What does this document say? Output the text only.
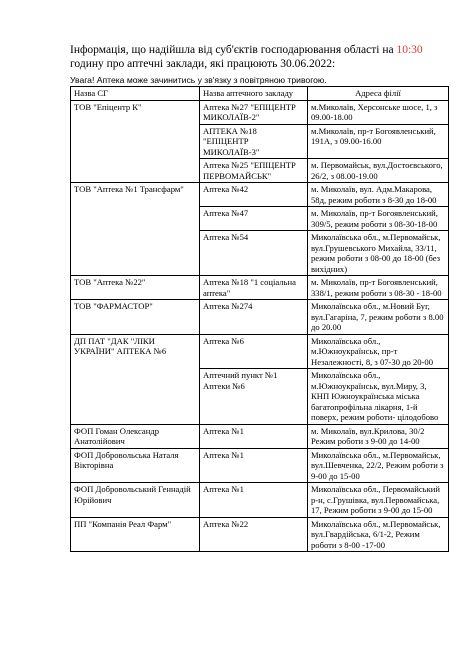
Інформація, що надійшла від суб'єктів господарювання області на 10:30 годину про аптечні заклади, які працюють 30.06.2022:
Увага! Аптека може зачинитись у зв'язку з повітряною тривогою.
Назва СГ	Назва аптечного закладу	Адреса філії
ТОВ "Епіцентр К"	Аптека №27 "ЕПІЦЕНТР МИКОЛАЇВ-2"	м.Миколаїв, Херсонське шосе, 1, з 09.00-18.00
	АПТЕКА №18 "ЕПІЦЕНТР МИКОЛАЇВ-3"	м.Миколаїв, пр-т Богоявленський, 191А, з 09.00-16.00
	Аптека №25 "ЕПІЦЕНТР ПЕРВОМАЙСЬК"	м. Первомайськ, вул.Достоєвського, 26/2, з 08.00-19.00
ТОВ "Аптека №1 Трансфарм"	Аптека №42	м. Миколаїв, вул. Адм.Макарова, 58д, режим роботи з 8-30 до 18-00
	Аптека №47	м. Миколаїв, пр-т Богоявленський, 309/5, режим роботи з 08-30-18-00
	Аптека №54	Миколаївська обл., м.Первомайськ, вул.Грушевського Михайла, 33/11, режим роботи з 08-00 до 18-00 (без вихідних)
ТОВ "Аптека №22"	Аптека №18 "1 соціальна аптека"	м. Миколаїв, пр-т Богоявленський, 338/1, режим роботи з 08-30 - 18-00
ТОВ "ФАРМАСТОР"	Аптека №274	Миколаївська обл., м.Новий Буг, вул.Гагаріна, 7, режим роботи з 8.00 до 20.00
ДП ПАТ "ДАК "ЛІКИ УКРАЇНИ" АПТЕКА №6	Аптека №6	Миколаївська обл., м.Южноукраїнськ, пр-т Незалежності, 8, з 07-30 до 20-00
	Аптечний пункт №1 Аптеки №6	Миколаївська обл., м.Южноукраїнськ, вул.Миру, 3, КНП Южноукраїнська міська багатопрофільна лікарня, 1-й поверх, режим роботи- цілодобово
ФОП Гоман Олександр Анатолійович	Аптека №1	м. Миколаїв, вул.Крилова, 30/2 Режим роботи з 9-00 до 14-00
ФОП Добровольська Наталя Вікторівна	Аптека №1	Миколаївська обл., м.Первомайськ, вул.Шевченка, 22/2, Режим роботи з 9-00 до 15-00
ФОП Добровольський Геннадій Юрійович	Аптека №1	Миколаївська обл., Первомайський р-н, с.Грушівка, вул.Первомайська, 17, Режим роботи з 9-00 до 15-00
ПП "Компанія Реал Фарм"	Аптека №22	Миколаївська обл., м.Первомайськ, вул.Гвардійська, 6/1-2, Режим роботи з 8-00 -17-00
